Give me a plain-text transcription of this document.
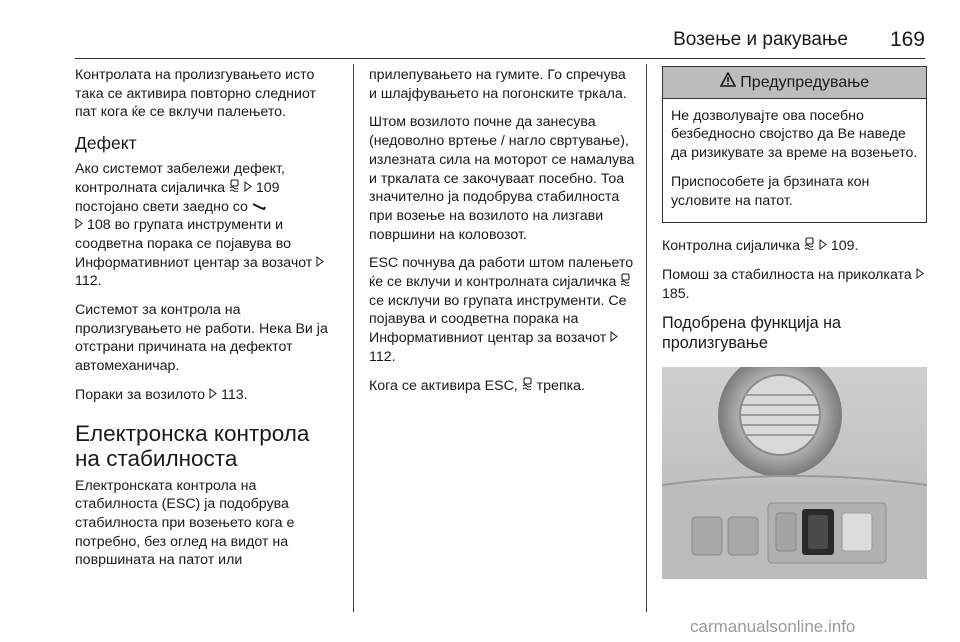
Возење и ракување 169

Контролата на пролизгувањето исто така се активира повторно следниот пат кога ќе се вклучи палењето.

Дефект

Ако системот забележи дефект, контролната сијаличка 109 постојано свети заедно со
108 во групата инструменти и соодветна порака се појавува во Информативниот центар за возачот  112.

Системот за контрола на пролизгувањето не работи. Нека Ви ја отстрани причината на дефектот автомеханичар.

Пораки за возилото 113.

Електронска контрола на стабилноста

Електронската контрола на стабилноста (ESC) ја подобрува стабилноста при возењето кога е потребно, без оглед на видот на површината на патот или

прилепувањето на гумите. Го спречува и шлајфувањето на погонските тркала.

Штом возилото почне да занесува (недоволно вртење / нагло свртување), излезната сила на моторот се намалува и тркалата се закочуваат посебно. Тоа значително ја подобрува стабилноста при возење на возилото на лизгави површини на коловозот.

ESC почнува да работи штом палењето ќе се вклучи и контролната сијаличка  се исклучи во групата инструменти. Се појавува и соодветна порака на Информативниот центар за возачот  112.

Кога се активира ESC, трепка.

Предупредување

Не дозволувајте ова посебно безбедносно својство да Ве наведе да ризикувате за време на возењето.

Приспособете ја брзината кон условите на патот.

Контролна сијаличка 109.

Помош за стабилноста на приколката  185.

Подобрена функција на пролизгување
carmanualsonline.info
